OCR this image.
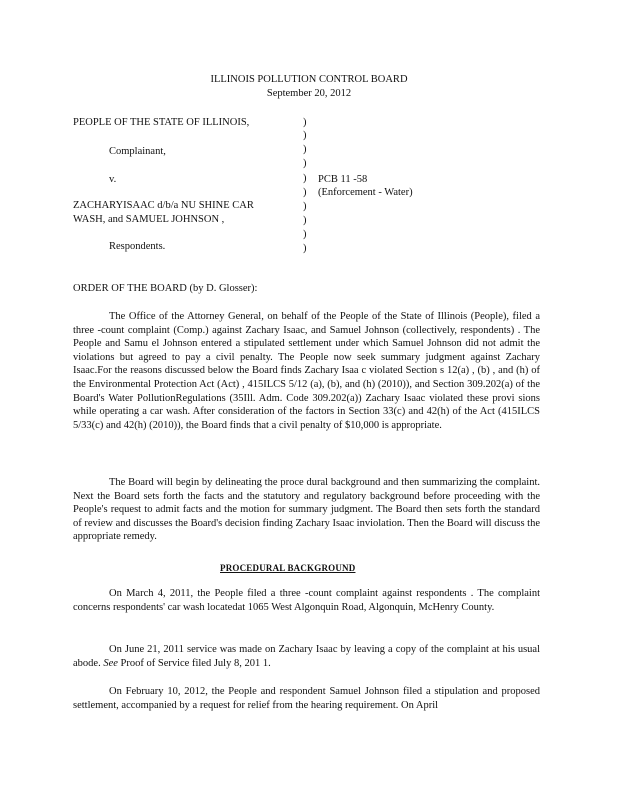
ILLINOIS POLLUTION CONTROL BOARD
September 20, 2012
PEOPLE OF THE STATE OF ILLINOIS,
Complainant,
v.
ZACHARYISAAC d/b/a NU SHINE CAR
WASH, and SAMUEL JOHNSON ,
Respondents.
PCB 11 -58
(Enforcement - Water)
)
)
)
)
)
)
)
)
)
)
ORDER OF THE BOARD (by D. Glosser):
The Office of the Attorney General, on behalf of the People of the State of Illinois (People), filed a three -count complaint (Comp.) against Zachary Isaac, and Samuel Johnson (collectively, respondents) . The People and Samu el Johnson entered a stipulated settlement under which Samuel Johnson did not admit the violations but agreed to pay a civil penalty. The People now seek summary judgment against Zachary Isaac.For the reasons discussed below the Board finds Zachary Isaa c violated Section s 12(a) , (b) , and (h) of the Environmental Protection Act (Act) , 415ILCS 5/12 (a), (b), and (h) (2010)), and Section 309.202(a) of the Board's Water PollutionRegulations (35Ill. Adm. Code 309.202(a)) Zachary Isaac violated these provi sions while operating a car wash. After consideration of the factors in Section 33(c) and 42(h) of the Act (415ILCS 5/33(c) and 42(h) (2010)), the Board finds that a civil penalty of $10,000 is appropriate.
The Board will begin by delineating the proce dural background and then summarizing the complaint. Next the Board sets forth the facts and the statutory and regulatory background before proceeding with the People's request to admit facts and the motion for summary judgment. The Board then sets forth the standard of review and discusses the Board's decision finding Zachary Isaac inviolation. Then the Board will discuss the appropriate remedy.
PROCEDURAL BACKGROUND
On March 4, 2011, the People filed a three -count complaint against respondents . The complaint concerns respondents' car wash locatedat 1065 West Algonquin Road, Algonquin, McHenry County.
On June 21, 2011 service was made on Zachary Isaac by leaving a copy of the complaint at his usual abode. See Proof of Service filed July 8, 201 1.
On February 10, 2012, the People and respondent Samuel Johnson filed a stipulation and proposed settlement, accompanied by a request for relief from the hearing requirement. On April
